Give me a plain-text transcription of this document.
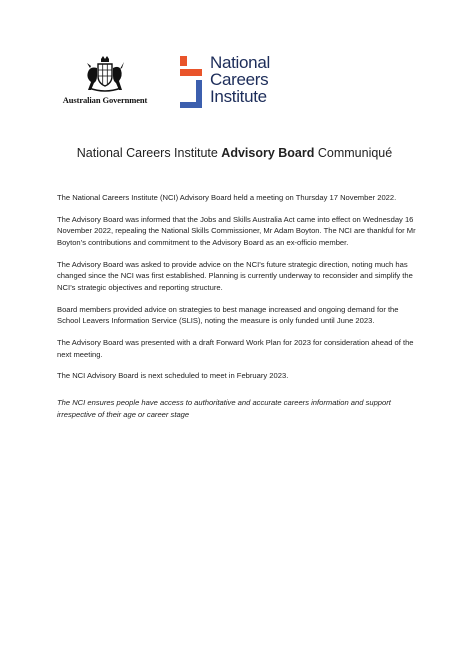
Australian Government
National
Careers
Institute
National Careers Institute Advisory Board Communiqué

The National Careers Institute (NCI) Advisory Board held a meeting on Thursday 17 November 2022.

The Advisory Board was informed that the Jobs and Skills Australia Act came into effect on Wednesday 16 November 2022, repealing the National Skills Commissioner, Mr Adam Boyton. The NCI are thankful for Mr Boyton’s contributions and commitment to the Advisory Board as an ex-officio member.

The Advisory Board was asked to provide advice on the NCI’s future strategic direction, noting much has changed since the NCI was first established. Planning is currently underway to reconsider and simplify the NCI’s strategic objectives and reporting structure.

Board members provided advice on strategies to best manage increased and ongoing demand for the School Leavers Information Service (SLIS), noting the measure is only funded until June 2023.

The Advisory Board was presented with a draft Forward Work Plan for 2023 for consideration ahead of the next meeting.

The NCI Advisory Board is next scheduled to meet in February 2023.

The NCI ensures people have access to authoritative and accurate careers information and support irrespective of their age or career stage
